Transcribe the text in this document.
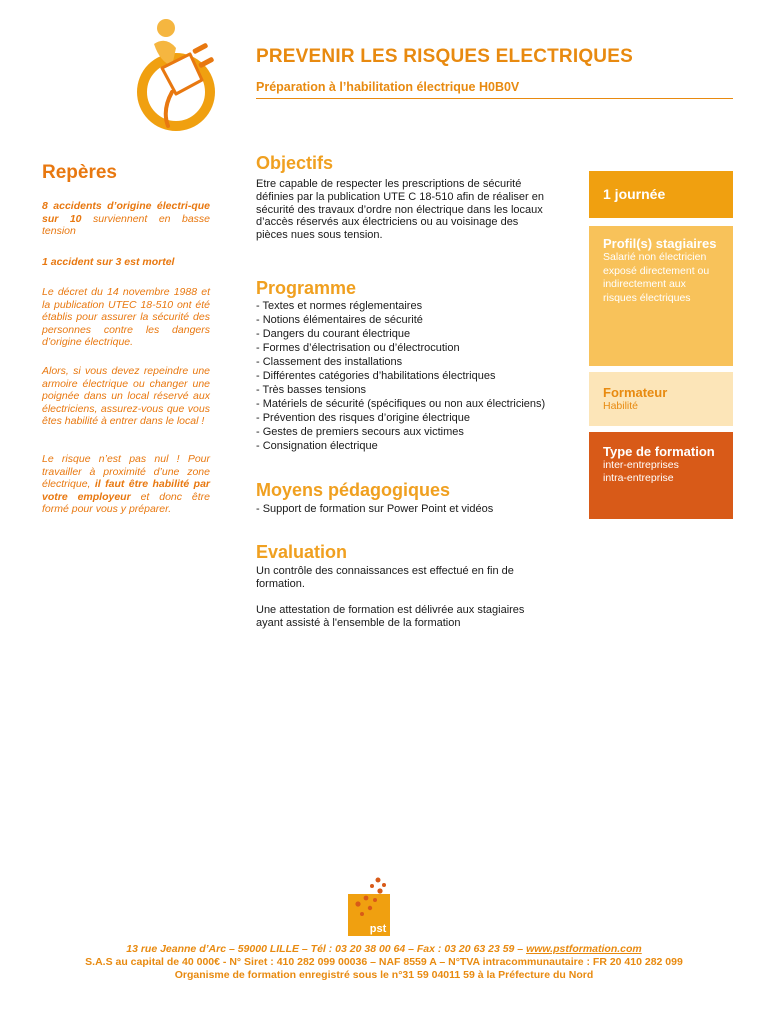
PREVENIR LES RISQUES ELECTRIQUES
Préparation à l’habilitation électrique H0B0V
Repères

8 accidents d’origine électri-que sur 10 surviennent en basse tension

1 accident sur 3 est mortel

Le décret du 14 novembre 1988 et la publication UTEC 18-510 ont été établis pour assurer la sécurité des personnes contre les dangers d’origine électrique.

Alors, si vous devez repeindre une armoire électrique ou changer une poignée dans un local réservé aux électriciens, assurez-vous que vous êtes habilité à entrer dans le local !

Le risque n’est pas nul ! Pour travailler à proximité d’une zone électrique, il faut être habilité par votre employeur et donc être formé pour vous y préparer.

Objectifs

Etre capable de respecter les prescriptions de sécurité définies par la publication UTE C 18-510 afin de réaliser en sécurité des travaux d’ordre non électrique dans les locaux d’accès réservés aux électriciens ou au voisinage des pièces nues sous tension.

Programme
- Textes et normes réglementaires
- Notions élémentaires de sécurité
- Dangers du courant électrique
- Formes d’électrisation ou d’électrocution
- Classement des installations
- Différentes catégories d’habilitations électriques
- Très basses tensions
- Matériels de sécurité (spécifiques ou non aux électriciens)
- Prévention des risques d’origine électrique
- Gestes de premiers secours aux victimes
- Consignation électrique
Moyens pédagogiques

- Support de formation sur Power Point et vidéos

Evaluation

Un contrôle des connaissances est effectué en fin de formation.

Une attestation de formation est délivrée aux stagiaires ayant assisté à l'ensemble de la formation

1 journée
Profil(s) stagiaires
Salarié non électricien exposé directement ou indirectement aux risques électriques
Formateur
Habilité
Type de formation
inter-entreprises
intra-entreprise
pst

13 rue Jeanne d’Arc – 59000 LILLE – Tél : 03 20 38 00 64 – Fax : 03 20 63 23 59 – www.pstformation.com

S.A.S au capital de 40 000€ - N° Siret : 410 282 099 00036 – NAF 8559 A – N°TVA intracommunautaire : FR 20 410 282 099

Organisme de formation enregistré sous le n°31 59 04011 59 à la Préfecture du Nord
